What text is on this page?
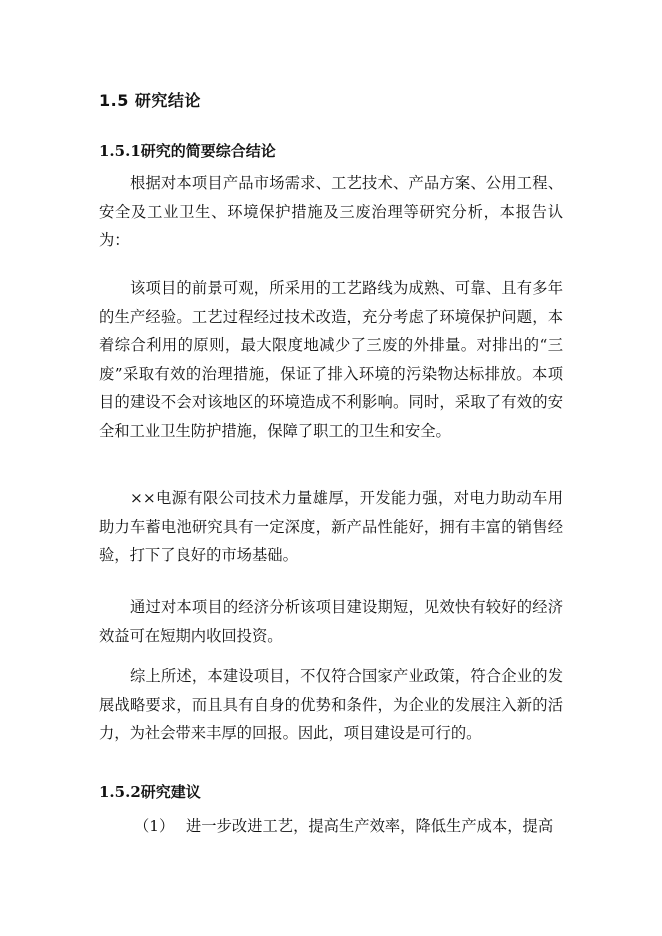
1.5 研究结论
1.5.1研究的简要综合结论

根据对本项目产品市场需求、工艺技术、产品方案、公用工程、安全及工业卫生、环境保护措施及三废治理等研究分析，本报告认为：

该项目的前景可观，所采用的工艺路线为成熟、可靠、且有多年的生产经验。工艺过程经过技术改造，充分考虑了环境保护问题，本着综合利用的原则，最大限度地减少了三废的外排量。对排出的“三废”采取有效的治理措施，保证了排入环境的污染物达标排放。本项目的建设不会对该地区的环境造成不利影响。同时，采取了有效的安全和工业卫生防护措施，保障了职工的卫生和安全。

××电源有限公司技术力量雄厚，开发能力强，对电力助动车用助力车蓄电池研究具有一定深度，新产品性能好，拥有丰富的销售经验，打下了良好的市场基础。

通过对本项目的经济分析该项目建设期短，见效快有较好的经济效益可在短期内收回投资。

综上所述，本建设项目，不仅符合国家产业政策，符合企业的发展战略要求，而且具有自身的优势和条件，为企业的发展注入新的活力，为社会带来丰厚的回报。因此，项目建设是可行的。

1.5.2研究建议

（1） 进一步改进工艺，提高生产效率，降低生产成本，提高
